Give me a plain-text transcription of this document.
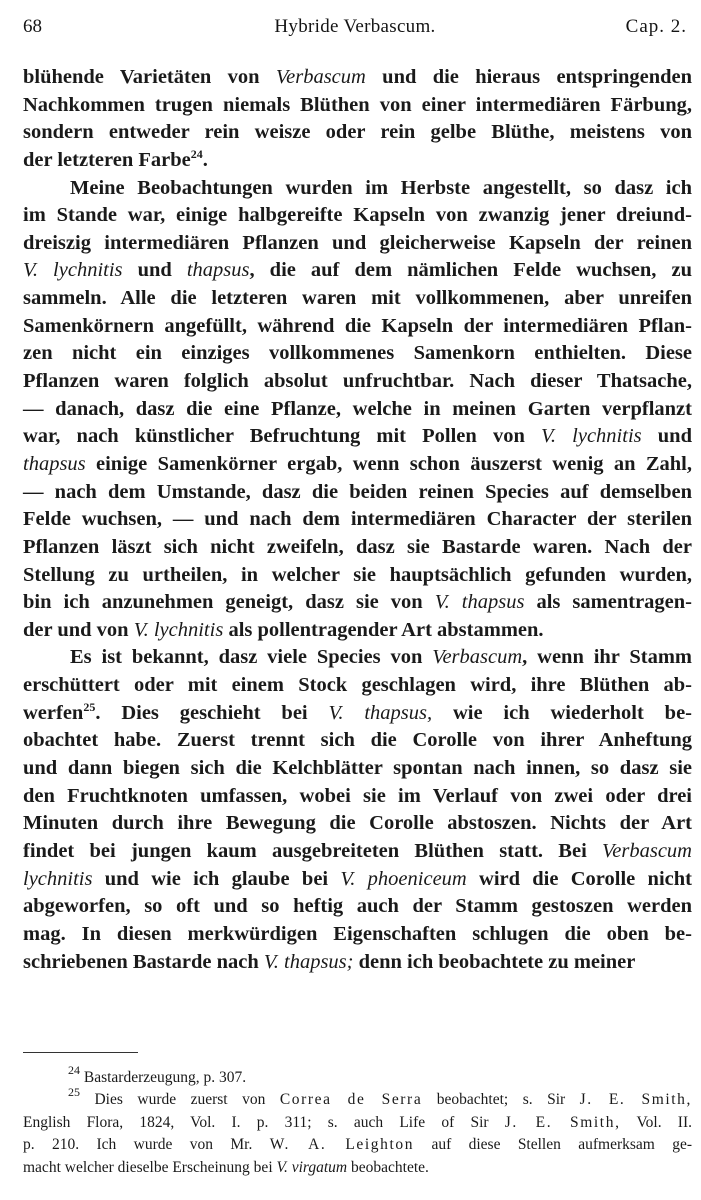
68	Hybride Verbascum.	Cap. 2.
blühende Varietäten von Verbascum und die hieraus entspringenden
Nachkommen trugen niemals Blüthen von einer intermediären Färbung,
sondern entweder rein weisze oder rein gelbe Blüthe, meistens von
der letzteren Farbe$^{24}$.
Meine Beobachtungen wurden im Herbste angestellt, so dasz ich
im Stande war, einige halbgereifte Kapseln von zwanzig jener dreiund-
dreiszig intermediären Pflanzen und gleicherweise Kapseln der reinen
V. lychnitis und thapsus, die auf dem nämlichen Felde wuchsen, zu
sammeln. Alle die letzteren waren mit vollkommenen, aber unreifen
Samenkörnern angefüllt, während die Kapseln der intermediären Pflan-
zen nicht ein einziges vollkommenes Samenkorn enthielten. Diese
Pflanzen waren folglich absolut unfruchtbar. Nach dieser Thatsache,
— danach, dasz die eine Pflanze, welche in meinen Garten verpflanzt
war, nach künstlicher Befruchtung mit Pollen von V. lychnitis und
thapsus einige Samenkörner ergab, wenn schon äuszerst wenig an Zahl,
— nach dem Umstande, dasz die beiden reinen Species auf demselben
Felde wuchsen, — und nach dem intermediären Character der sterilen
Pflanzen läszt sich nicht zweifeln, dasz sie Bastarde waren. Nach der
Stellung zu urtheilen, in welcher sie hauptsächlich gefunden wurden,
bin ich anzunehmen geneigt, dasz sie von V. thapsus als samentragen-
der und von V. lychnitis als pollentragender Art abstammen.
Es ist bekannt, dasz viele Species von Verbascum, wenn ihr Stamm
erschüttert oder mit einem Stock geschlagen wird, ihre Blüthen ab-
werfen$^{25}$. Dies geschieht bei V. thapsus, wie ich wiederholt be-
obachtet habe. Zuerst trennt sich die Corolle von ihrer Anheftung
und dann biegen sich die Kelchblätter spontan nach innen, so dasz sie
den Fruchtknoten umfassen, wobei sie im Verlauf von zwei oder drei
Minuten durch ihre Bewegung die Corolle abstoszen. Nichts der Art
findet bei jungen kaum ausgebreiteten Blüthen statt. Bei Verbascum
lychnitis und wie ich glaube bei V. phoeniceum wird die Corolle nicht
abgeworfen, so oft und so heftig auch der Stamm gestoszen werden
mag. In diesen merkwürdigen Eigenschaften schlugen die oben be-
schriebenen Bastarde nach V. thapsus; denn ich beobachtete zu meiner
$^{24}$ Bastarderzeugung, p. 307.
$^{25}$ Dies wurde zuerst von Correa de Serra beobachtet; s. Sir J. E. Smith,
English Flora, 1824, Vol. I. p. 311; s. auch Life of Sir J. E. Smith, Vol. II.
p. 210. Ich wurde von Mr. W. A. Leighton auf diese Stellen aufmerksam ge-
macht welcher dieselbe Erscheinung bei V. virgatum beobachtete.
